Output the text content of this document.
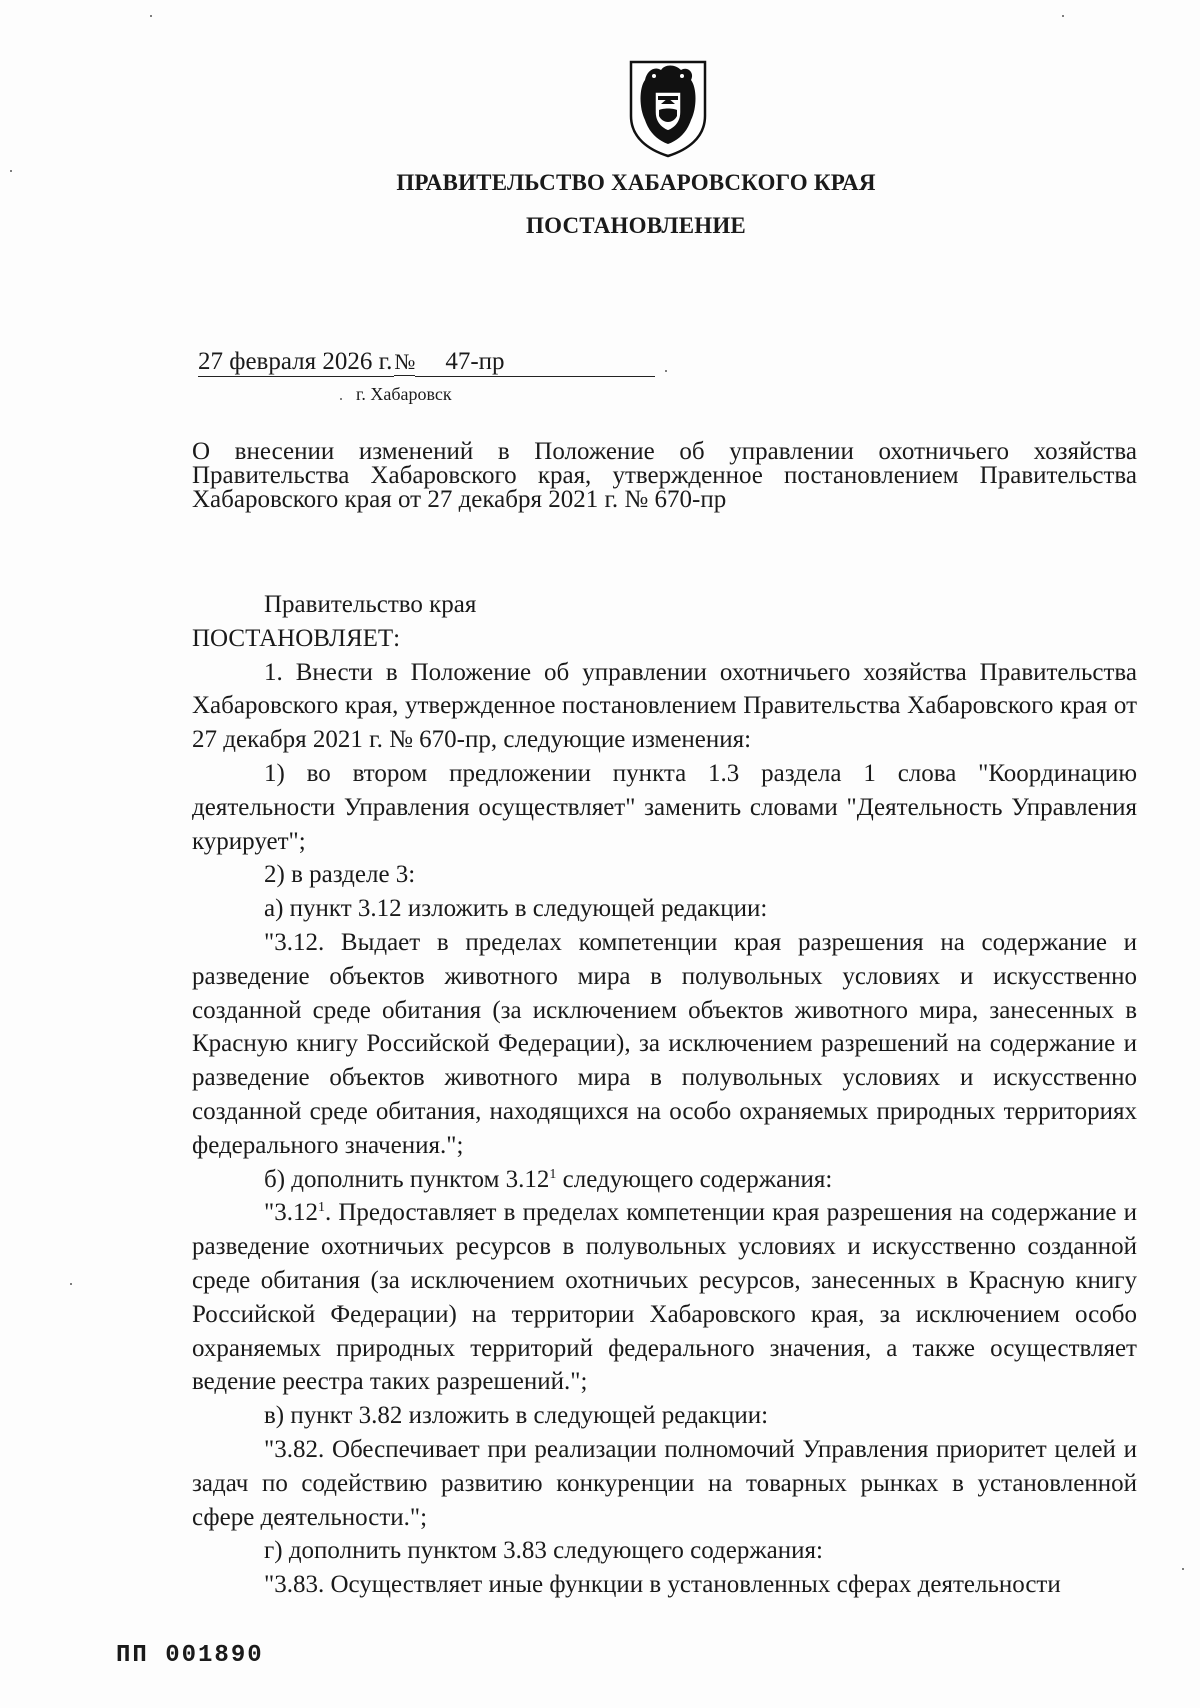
ПРАВИТЕЛЬСТВО ХАБАРОВСКОГО КРАЯ
ПОСТАНОВЛЕНИЕ
27 февраля 2026 г.№ 47-пр
г. Хабаровск
О внесении изменений в Положение об управлении охотничьего хозяйства Правительства Хабаровского края, утвержденное постановлением Правительства Хабаровского края от 27 декабря 2021 г. № 670-пр

Правительство края

ПОСТАНОВЛЯЕТ:

1. Внести в Положение об управлении охотничьего хозяйства Правительства Хабаровского края, утвержденное постановлением Правительства Хабаровского края от 27 декабря 2021 г. № 670-пр, следующие изменения:

1) во втором предложении пункта 1.3 раздела 1 слова "Координацию деятельности Управления осуществляет" заменить словами "Деятельность Управления курирует";

2) в разделе 3:

а) пункт 3.12 изложить в следующей редакции:

"3.12. Выдает в пределах компетенции края разрешения на содержание и разведение объектов животного мира в полувольных условиях и искусственно созданной среде обитания (за исключением объектов животного мира, занесенных в Красную книгу Российской Федерации), за исключением разрешений на содержание и разведение объектов животного мира в полувольных условиях и искусственно созданной среде обитания, находящихся на особо охраняемых природных территориях федерального значения.";

б) дополнить пунктом 3.12$^1$ следующего содержания:

"3.12$^1$. Предоставляет в пределах компетенции края разрешения на содержание и разведение охотничьих ресурсов в полувольных условиях и искусственно созданной среде обитания (за исключением охотничьих ресурсов, занесенных в Красную книгу Российской Федерации) на территории Хабаровского края, за исключением особо охраняемых природных территорий федерального значения, а также осуществляет ведение реестра таких разрешений.";

в) пункт 3.82 изложить в следующей редакции:

"3.82. Обеспечивает при реализации полномочий Управления приоритет целей и задач по содействию развитию конкуренции на товарных рынках в установленной сфере деятельности.";

г) дополнить пунктом 3.83 следующего содержания:

"3.83. Осуществляет иные функции в установленных сферах деятельности

ПП 001890
